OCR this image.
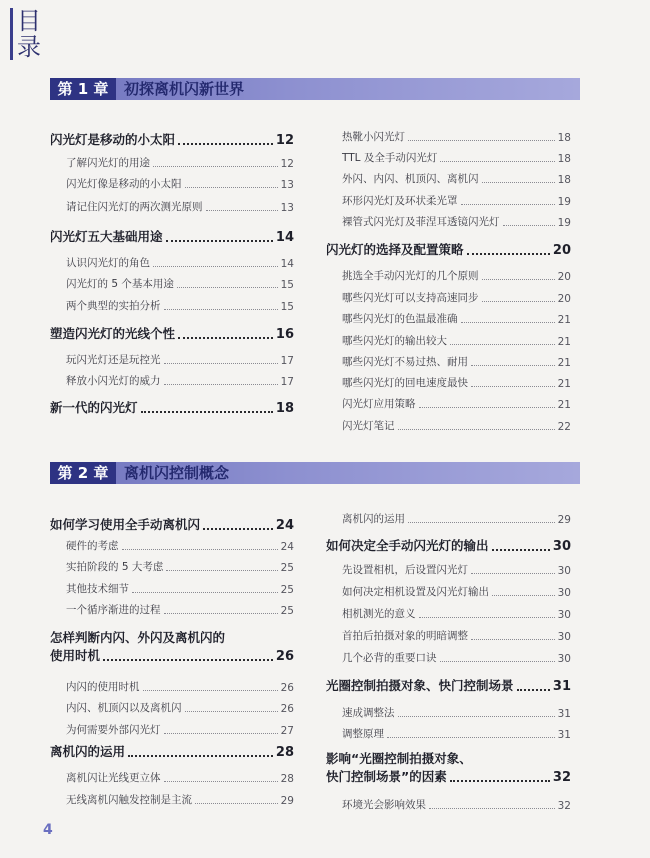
目
录
第 1 章	初探离机闪新世界
闪光灯是移动的小太阳	12
了解闪光灯的用途	12
闪光灯像是移动的小太阳	13
请记住闪光灯的两次测光原则	13
闪光灯五大基础用途	14
认识闪光灯的角色	14
闪光灯的 5 个基本用途	15
两个典型的实拍分析	15
塑造闪光灯的光线个性	16
玩闪光灯还是玩控光	17
释放小闪光灯的威力	17
新一代的闪光灯	18
热靴小闪光灯	18
TTL 及全手动闪光灯	18
外闪、内闪、机顶闪、离机闪	18
环形闪光灯及环状柔光罩	19
裸管式闪光灯及菲涅耳透镜闪光灯	19
闪光灯的选择及配置策略	20
挑选全手动闪光灯的几个原则	20
哪些闪光灯可以支持高速同步	20
哪些闪光灯的色温最准确	21
哪些闪光灯的输出较大	21
哪些闪光灯不易过热、耐用	21
哪些闪光灯的回电速度最快	21
闪光灯应用策略	21
闪光灯笔记	22
第 2 章	离机闪控制概念
如何学习使用全手动离机闪	24
硬件的考虑	24
实拍阶段的 5 大考虑	25
其他技术细节	25
一个循序渐进的过程	25
怎样判断内闪、外闪及离机闪的
使用时机	26
内闪的使用时机	26
内闪、机顶闪以及离机闪	26
为何需要外部闪光灯	27
离机闪的运用	28
离机闪让光线更立体	28
无线离机闪触发控制是主流	29
离机闪的运用	29
如何决定全手动闪光灯的输出	30
先设置相机，后设置闪光灯	30
如何决定相机设置及闪光灯输出	30
相机测光的意义	30
首拍后拍摄对象的明暗调整	30
几个必背的重要口诀	30
光圈控制拍摄对象、快门控制场景	31
速成调整法	31
调整原理	31
影响“光圈控制拍摄对象、
快门控制场景”的因素	32
环境光会影响效果	32
4
